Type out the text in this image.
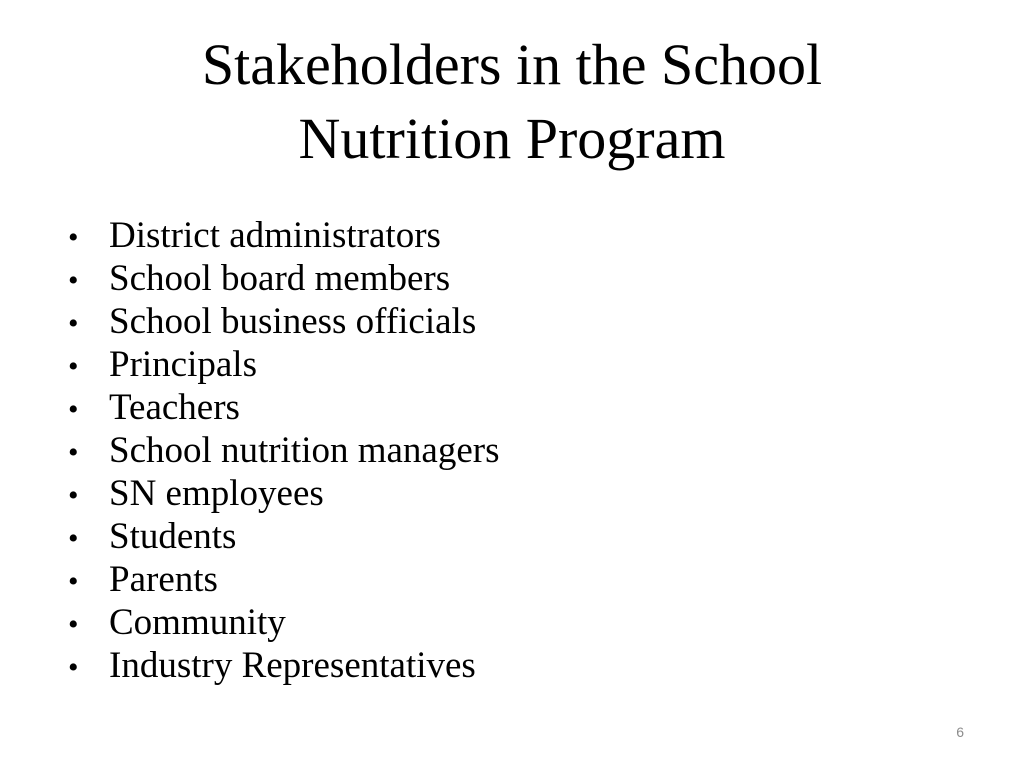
Stakeholders in the School
Nutrition Program
• District administrators
• School board members
• School business officials
• Principals
• Teachers
• School nutrition managers
• SN employees
• Students
• Parents
• Community
• Industry Representatives
6
